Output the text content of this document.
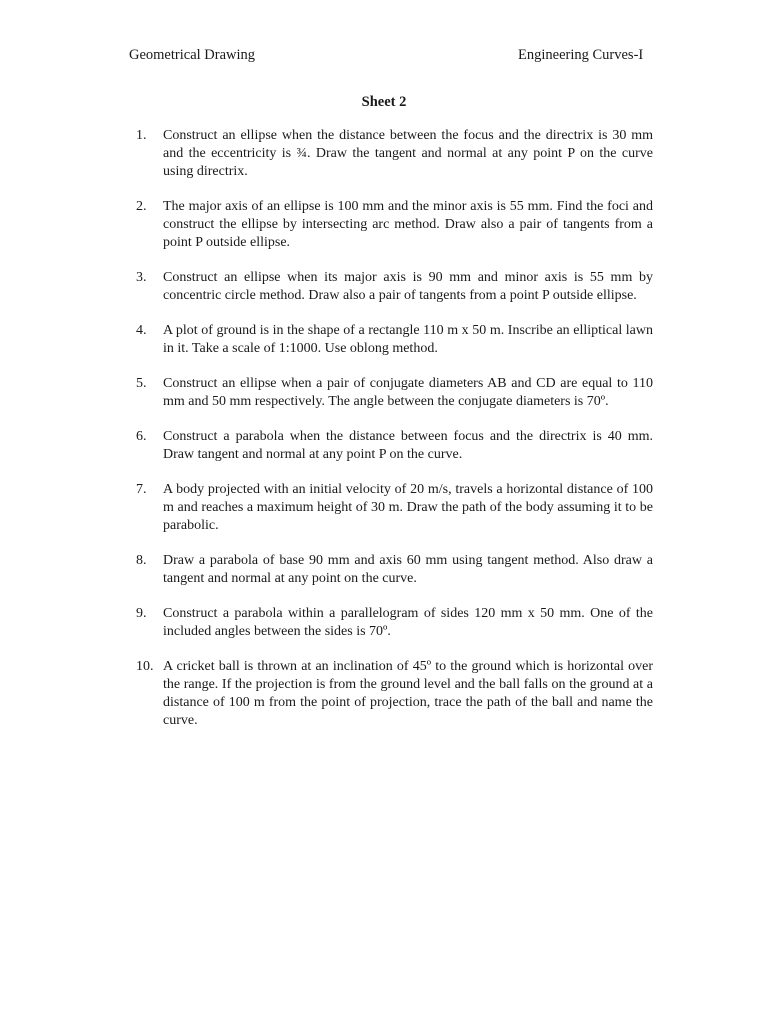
Geometrical Drawing	Engineering Curves-I
Sheet 2
1.	Construct an ellipse when the distance between the focus and the directrix is 30 mm and the eccentricity is ¾. Draw the tangent and normal at any point P on the curve using directrix.
2.	The major axis of an ellipse is 100 mm and the minor axis is 55 mm. Find the foci and construct the ellipse by intersecting arc method. Draw also a pair of tangents from a point P outside ellipse.
3.	Construct an ellipse when its major axis is 90 mm and minor axis is 55 mm by concentric circle method. Draw also a pair of tangents from a point P outside ellipse.
4.	A plot of ground is in the shape of a rectangle 110 m x 50 m. Inscribe an elliptical lawn in it. Take a scale of 1:1000. Use oblong method.
5.	Construct an ellipse when a pair of conjugate diameters AB and CD are equal to 110 mm and 50 mm respectively. The angle between the conjugate diameters is 70º.
6.	Construct a parabola when the distance between focus and the directrix is 40 mm. Draw tangent and normal at any point P on the curve.
7.	A body projected with an initial velocity of 20 m/s, travels a horizontal distance of 100 m and reaches a maximum height of 30 m. Draw the path of the body assuming it to be parabolic.
8.	Draw a parabola of base 90 mm and axis 60 mm using tangent method. Also draw a tangent and normal at any point on the curve.
9.	Construct a parabola within a parallelogram of sides 120 mm x 50 mm. One of the included angles between the sides is 70º.
10. A cricket ball is thrown at an inclination of 45º to the ground which is horizontal over the range. If the projection is from the ground level and the ball falls on the ground at a distance of 100 m from the point of projection, trace the path of the ball and name the curve.
